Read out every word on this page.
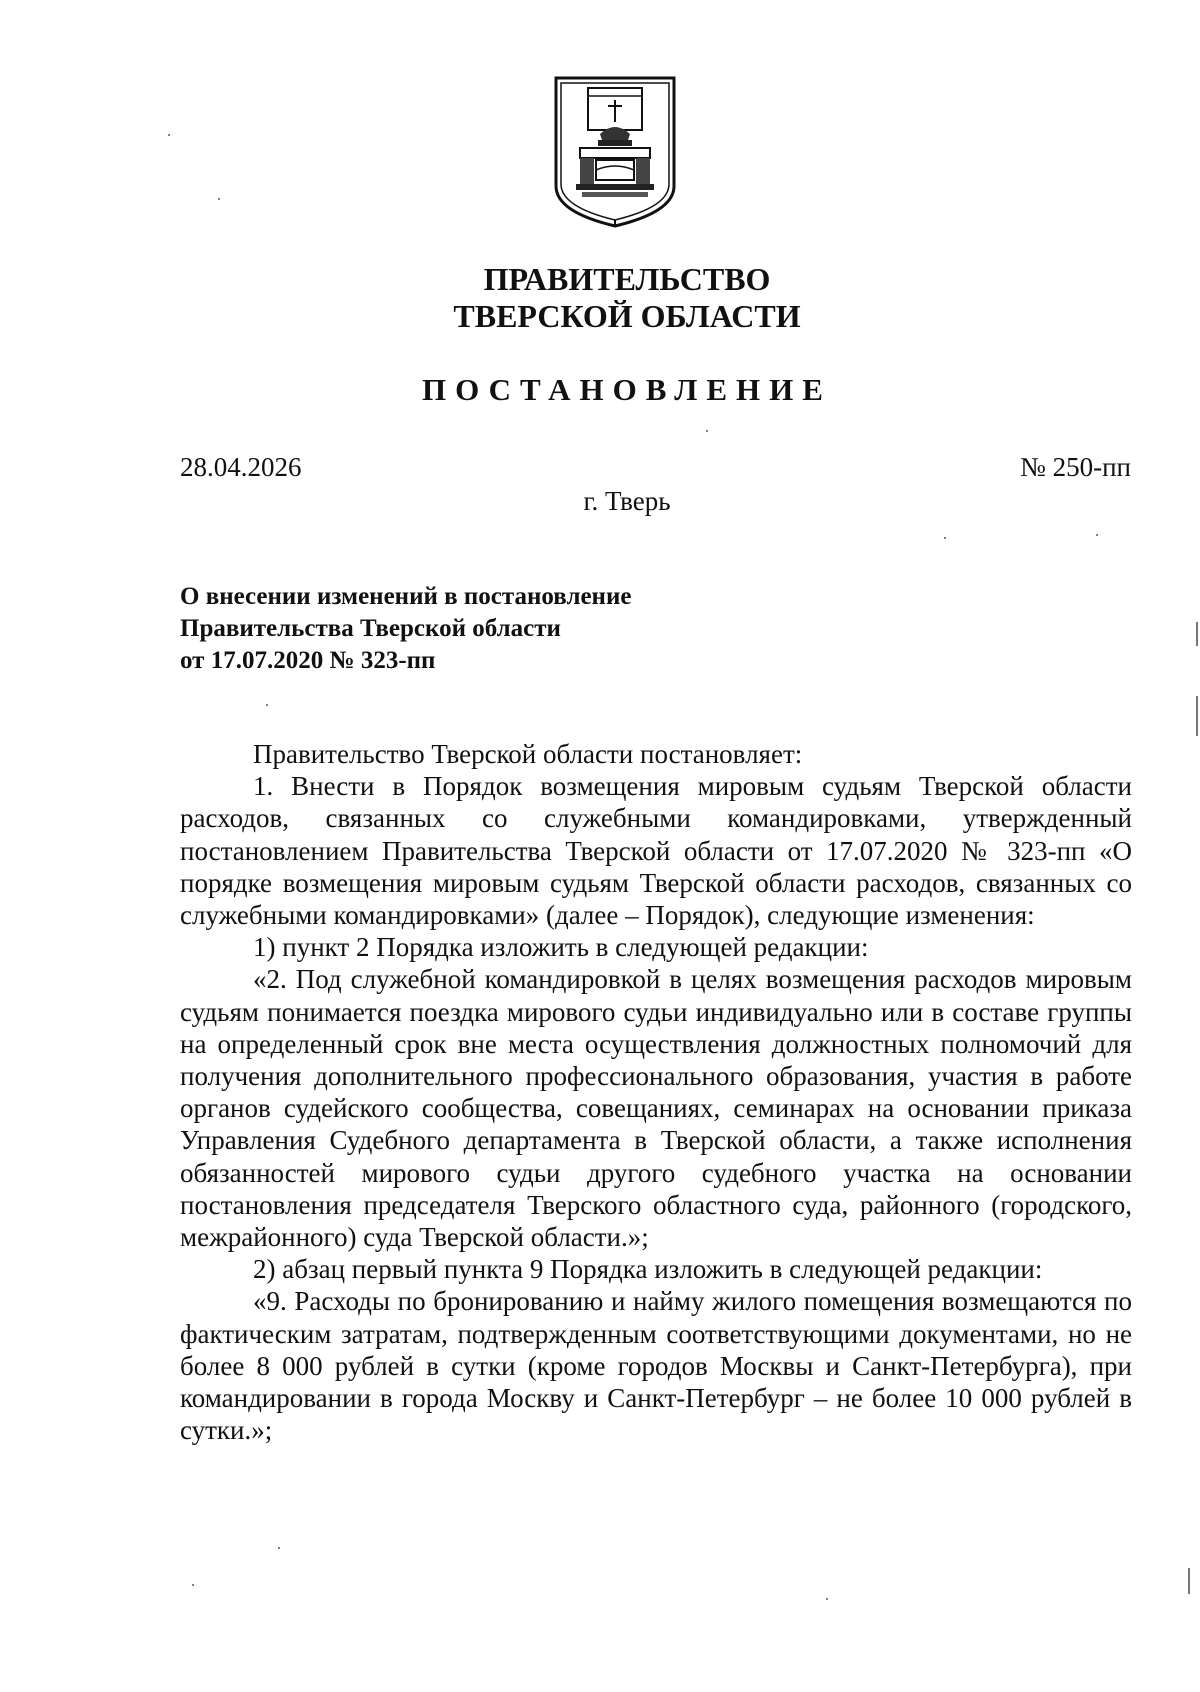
ПРАВИТЕЛЬСТВО
ТВЕРСКОЙ ОБЛАСТИ
ПОСТАНОВЛЕНИЕ
28.04.2026	№ 250-пп
г. Тверь
О внесении изменений в постановление
Правительства Тверской области
от 17.07.2020 № 323-пп

Правительство Тверской области постановляет:

1. Внести в Порядок возмещения мировым судьям Тверской области расходов, связанных со служебными командировками, утвержденный постановлением Правительства Тверской области от 17.07.2020 № 323-пп «О порядке возмещения мировым судьям Тверской области расходов, связанных со служебными командировками» (далее – Порядок), следующие изменения:

1) пункт 2 Порядка изложить в следующей редакции:

«2. Под служебной командировкой в целях возмещения расходов мировым судьям понимается поездка мирового судьи индивидуально или в составе группы на определенный срок вне места осуществления должностных полномочий для получения дополнительного профессионального образования, участия в работе органов судейского сообщества, совещаниях, семинарах на основании приказа Управления Судебного департамента в Тверской области, а также исполнения обязанностей мирового судьи другого судебного участка на основании постановления председателя Тверского областного суда, районного (городского, межрайонного) суда Тверской области.»;

2) абзац первый пункта 9 Порядка изложить в следующей редакции:

«9. Расходы по бронированию и найму жилого помещения возмещаются по фактическим затратам, подтвержденным соответствующими документами, но не более 8 000 рублей в сутки (кроме городов Москвы и Санкт-Петербурга), при командировании в города Москву и Санкт-Петербург – не более 10 000 рублей в сутки.»;
